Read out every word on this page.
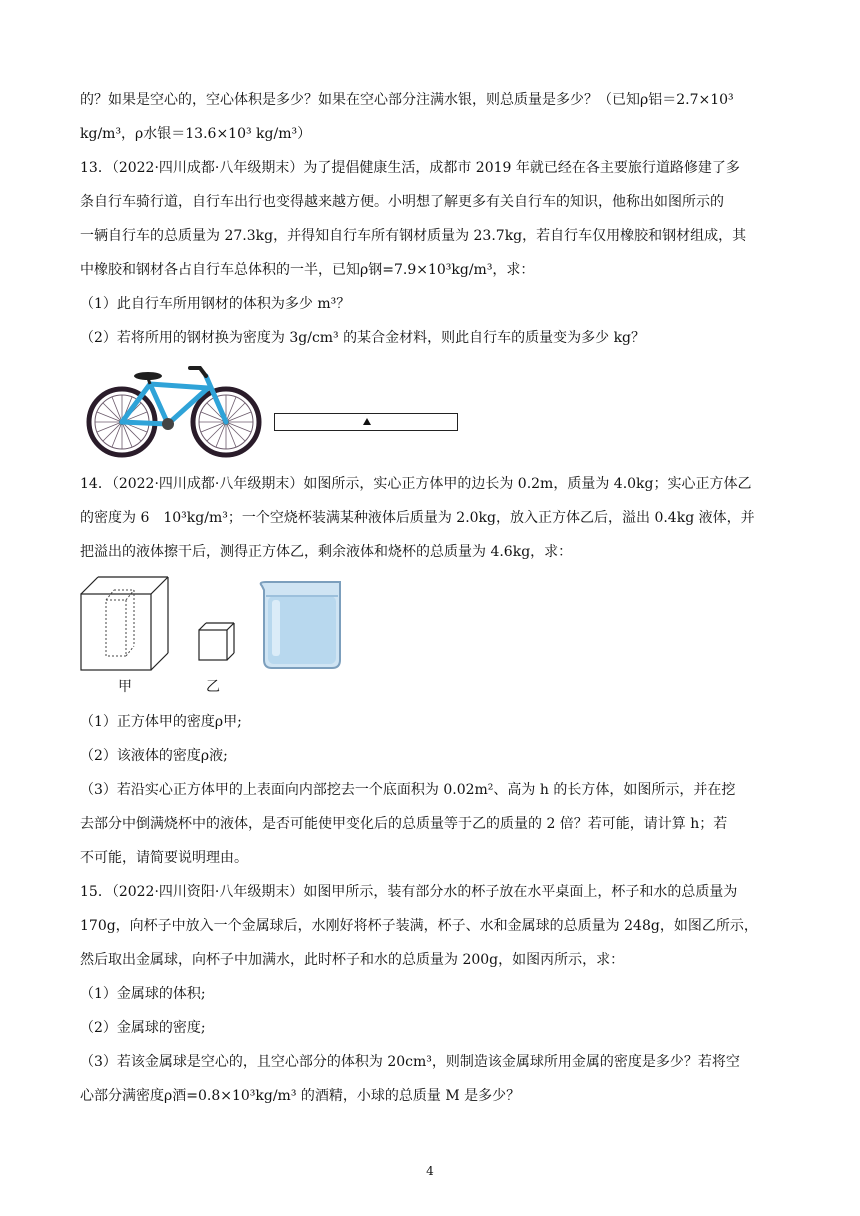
的？如果是空心的，空心体积是多少？如果在空心部分注满水银，则总质量是多少？（已知ρ铝＝2.7×10³
kg/m³，ρ水银＝13.6×10³ kg/m³）
13．（2022·四川成都·八年级期末）为了提倡健康生活，成都市 2019 年就已经在各主要旅行道路修建了多
条自行车骑行道，自行车出行也变得越来越方便。小明想了解更多有关自行车的知识，他称出如图所示的
一辆自行车的总质量为 27.3kg，并得知自行车所有钢材质量为 23.7kg，若自行车仅用橡胶和钢材组成，其
中橡胶和钢材各占自行车总体积的一半，已知ρ钢=7.9×10³kg/m³，求：
（1）此自行车所用钢材的体积为多少 m³？
（2）若将所用的钢材换为密度为 3g/cm³ 的某合金材料，则此自行车的质量变为多少 kg？
14．（2022·四川成都·八年级期末）如图所示，实心正方体甲的边长为 0.2m，质量为 4.0kg；实心正方体乙
的密度为 6　10³kg/m³；一个空烧杯装满某种液体后质量为 2.0kg，放入正方体乙后，溢出 0.4kg 液体，并
把溢出的液体擦干后，测得正方体乙，剩余液体和烧杯的总质量为 4.6kg，求：
甲	乙
（1）正方体甲的密度ρ甲;
（2）该液体的密度ρ液;
（3）若沿实心正方体甲的上表面向内部挖去一个底面积为 0.02m²、高为 h 的长方体，如图所示，并在挖
去部分中倒满烧杯中的液体，是否可能使甲变化后的总质量等于乙的质量的 2 倍？若可能，请计算 h；若
不可能，请简要说明理由。
15．（2022·四川资阳·八年级期末）如图甲所示，装有部分水的杯子放在水平桌面上，杯子和水的总质量为
170g，向杯子中放入一个金属球后，水刚好将杯子装满，杯子、水和金属球的总质量为 248g，如图乙所示，
然后取出金属球，向杯子中加满水，此时杯子和水的总质量为 200g，如图丙所示，求：
（1）金属球的体积;
（2）金属球的密度;
（3）若该金属球是空心的，且空心部分的体积为 20cm³，则制造该金属球所用金属的密度是多少？若将空
心部分满密度ρ酒=0.8×10³kg/m³ 的酒精，小球的总质量 M 是多少？
4
